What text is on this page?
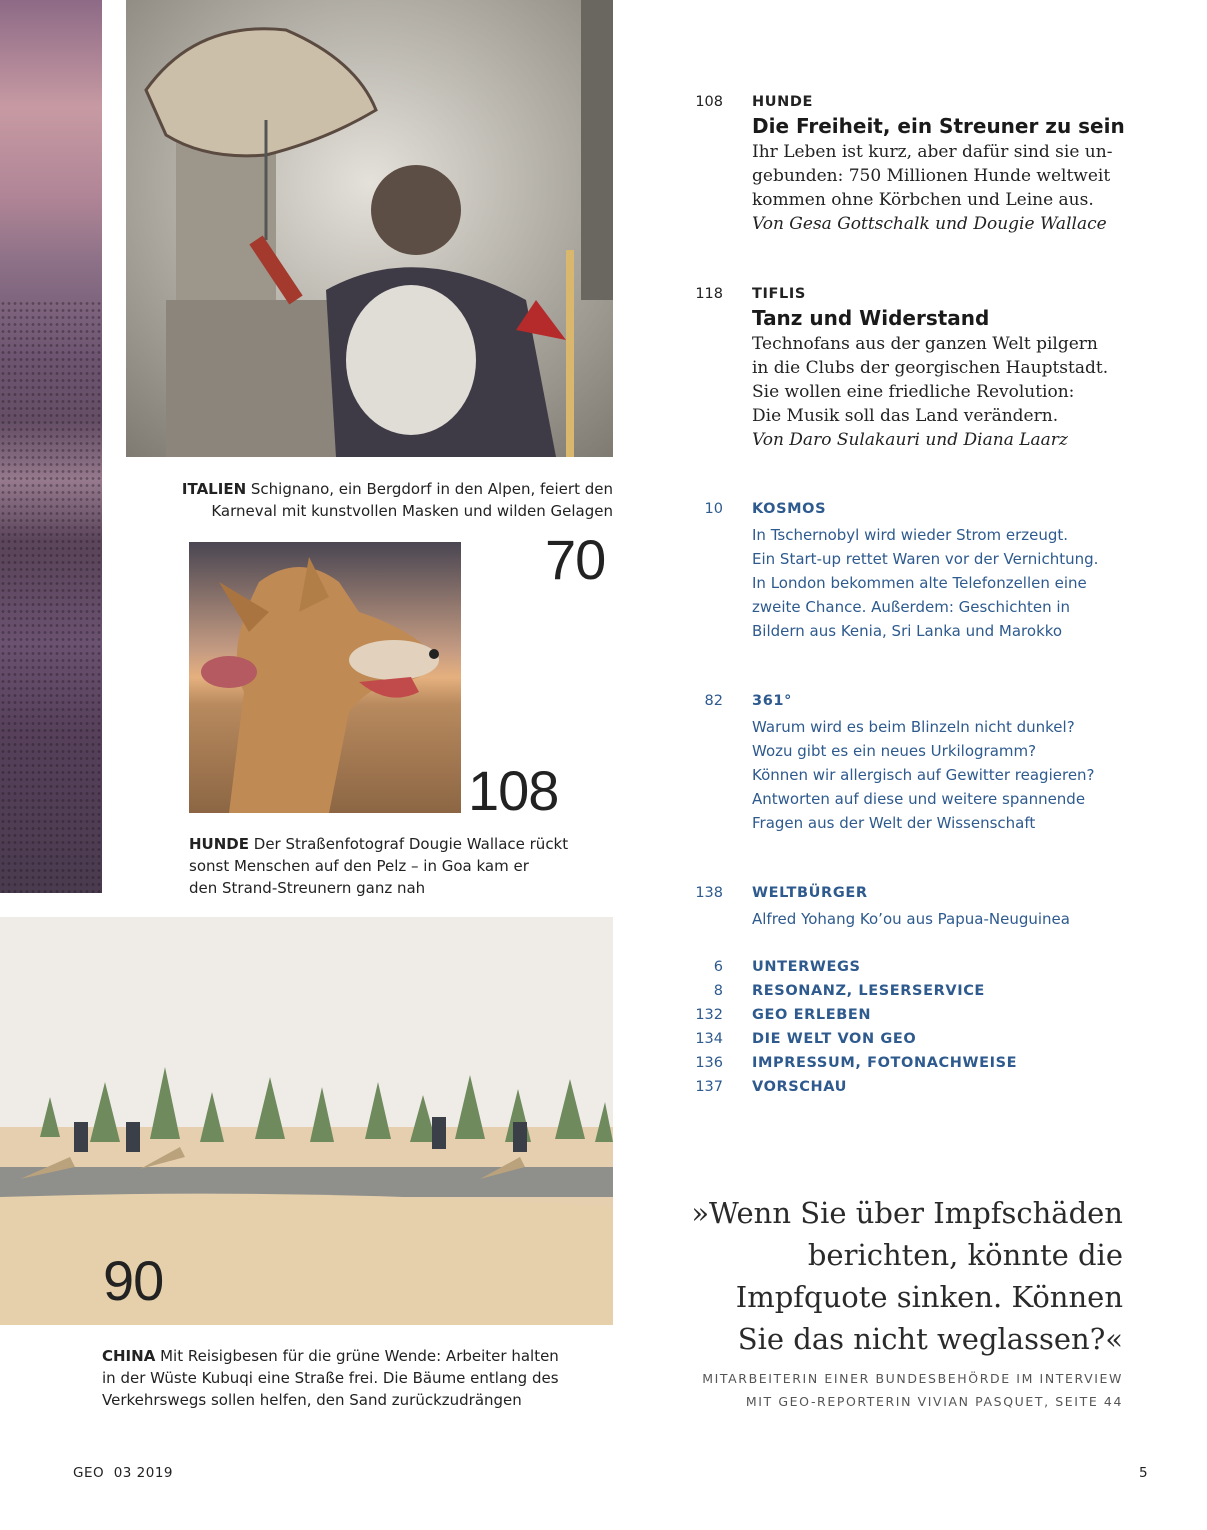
ITALIEN Schignano, ein Bergdorf in den Alpen, feiert den
Karneval mit kunstvollen Masken und wilden Gelagen
70
108
HUNDE Der Straßenfotograf Dougie Wallace rückt
sonst Menschen auf den Pelz – in Goa kam er
den Strand-Streunern ganz nah
90
CHINA Mit Reisigbesen für die grüne Wende: Arbeiter halten
in der Wüste Kubuqi eine Straße frei. Die Bäume entlang des
Verkehrswegs sollen helfen, den Sand zurückzudrängen
108 HUNDE
Die Freiheit, ein Streuner zu sein
Ihr Leben ist kurz, aber dafür sind sie un-
gebunden: 750 Millionen Hunde weltweit
kommen ohne Körbchen und Leine aus.
Von Gesa Gottschalk und Dougie Wallace
118 TIFLIS
Tanz und Widerstand
Technofans aus der ganzen Welt pilgern
in die Clubs der georgischen Hauptstadt.
Sie wollen eine friedliche Revolution:
Die Musik soll das Land verändern.
Von Daro Sulakauri und Diana Laarz
10 KOSMOS
In Tschernobyl wird wieder Strom erzeugt.
Ein Start-up rettet Waren vor der Vernichtung.
In London bekommen alte Telefonzellen eine
zweite Chance. Außerdem: Geschichten in
Bildern aus Kenia, Sri Lanka und Marokko
82 361°
Warum wird es beim Blinzeln nicht dunkel?
Wozu gibt es ein neues Urkilogramm?
Können wir allergisch auf Gewitter reagieren?
Antworten auf diese und weitere spannende
Fragen aus der Welt der Wissenschaft
138 WELTBÜRGER
Alfred Yohang Ko’ou aus Papua-Neuguinea
6 UNTERWEGS
8 RESONANZ, LESERSERVICE
132 GEO ERLEBEN
134 DIE WELT VON GEO
136 IMPRESSUM, FOTONACHWEISE
137 VORSCHAU
»Wenn Sie über Impfschäden
berichten, könnte die
Impfquote sinken. Können
Sie das nicht weglassen?«
MITARBEITERIN EINER BUNDESBEHÖRDE IM INTERVIEW
MIT GEO-REPORTERIN VIVIAN PASQUET, SEITE 44
GEO  03 2019	5
